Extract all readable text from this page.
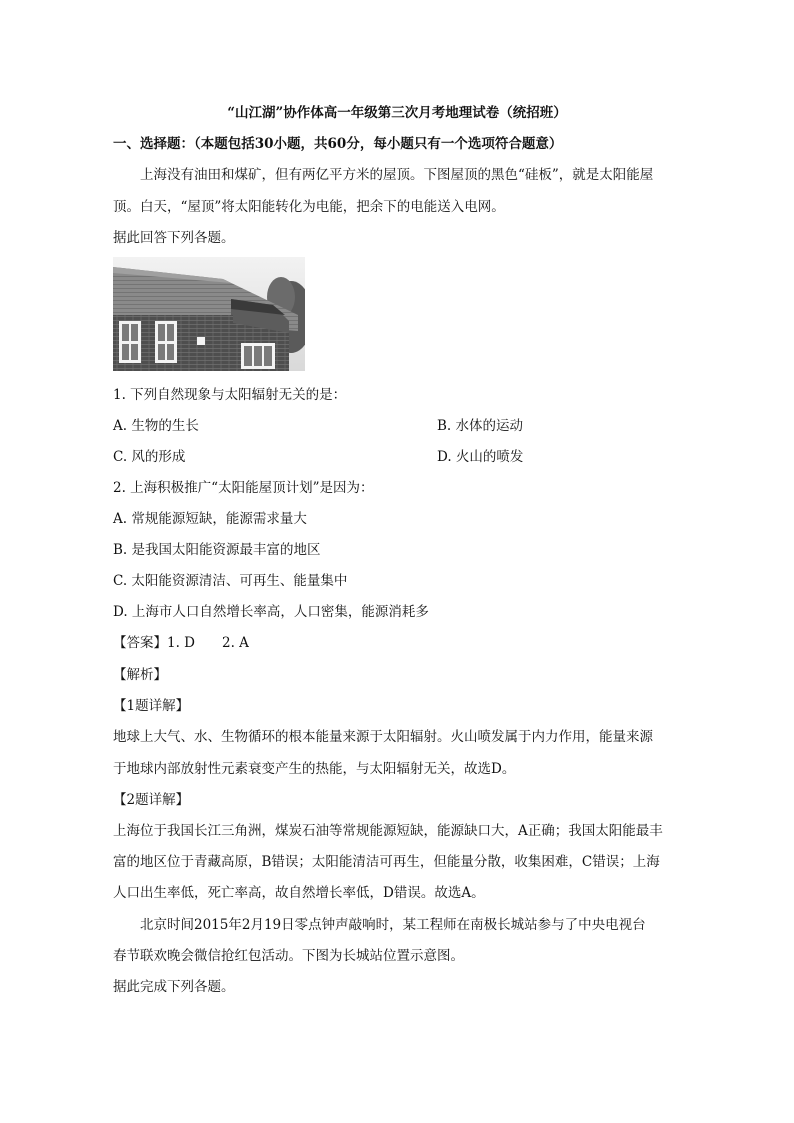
“山江湖”协作体高一年级第三次月考地理试卷（统招班）
一、选择题：（本题包括30小题，共60分，每小题只有一个选项符合题意）
上海没有油田和煤矿，但有两亿平方米的屋顶。下图屋顶的黑色“硅板”，就是太阳能屋
顶。白天，“屋顶”将太阳能转化为电能，把余下的电能送入电网。
据此回答下列各题。
1. 下列自然现象与太阳辐射无关的是：
A. 生物的生长	B. 水体的运动
C. 风的形成	D. 火山的喷发
2. 上海积极推广“太阳能屋顶计划”是因为：
A. 常规能源短缺，能源需求量大
B. 是我国太阳能资源最丰富的地区
C. 太阳能资源清洁、可再生、能量集中
D. 上海市人口自然增长率高，人口密集，能源消耗多
【答案】1. D　　2. A
【解析】
【1题详解】
地球上大气、水、生物循环的根本能量来源于太阳辐射。火山喷发属于内力作用，能量来源
于地球内部放射性元素衰变产生的热能，与太阳辐射无关，故选D。
【2题详解】
上海位于我国长江三角洲，煤炭石油等常规能源短缺，能源缺口大，A正确；我国太阳能最丰
富的地区位于青藏高原，B错误；太阳能清洁可再生，但能量分散，收集困难，C错误；上海
人口出生率低，死亡率高，故自然增长率低，D错误。故选A。
北京时间2015年2月19日零点钟声敲响时，某工程师在南极长城站参与了中央电视台
春节联欢晚会微信抢红包活动。下图为长城站位置示意图。
据此完成下列各题。
